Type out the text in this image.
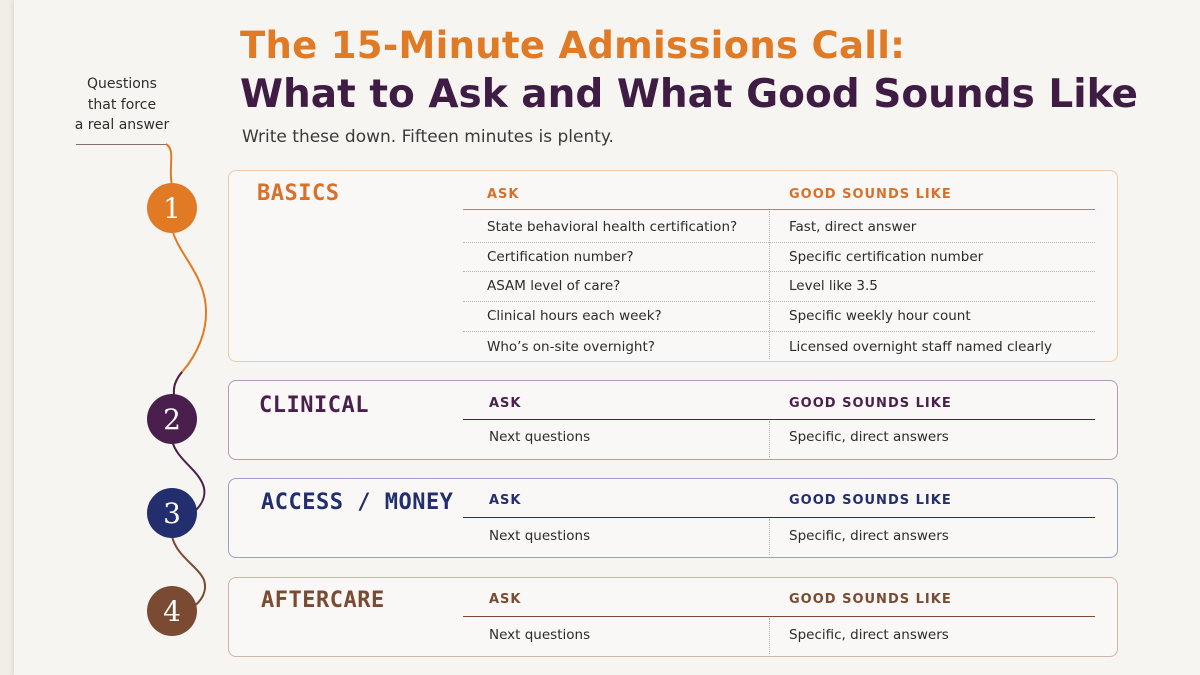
The 15-Minute Admissions Call:
What to Ask and What Good Sounds Like
Write these down. Fifteen minutes is plenty.
Questions
that force
a real answer
1
2
3
4
BASICS	ASK	GOOD SOUNDS LIKE
State behavioral health certification?	Fast, direct answer
Certification number?	Specific certification number
ASAM level of care?	Level like 3.5
Clinical hours each week?	Specific weekly hour count
Who’s on-site overnight?	Licensed overnight staff named clearly
CLINICAL	ASK	GOOD SOUNDS LIKE
Next questions	Specific, direct answers
ACCESS / MONEY	ASK	GOOD SOUNDS LIKE
Next questions	Specific, direct answers
AFTERCARE	ASK	GOOD SOUNDS LIKE
Next questions	Specific, direct answers
